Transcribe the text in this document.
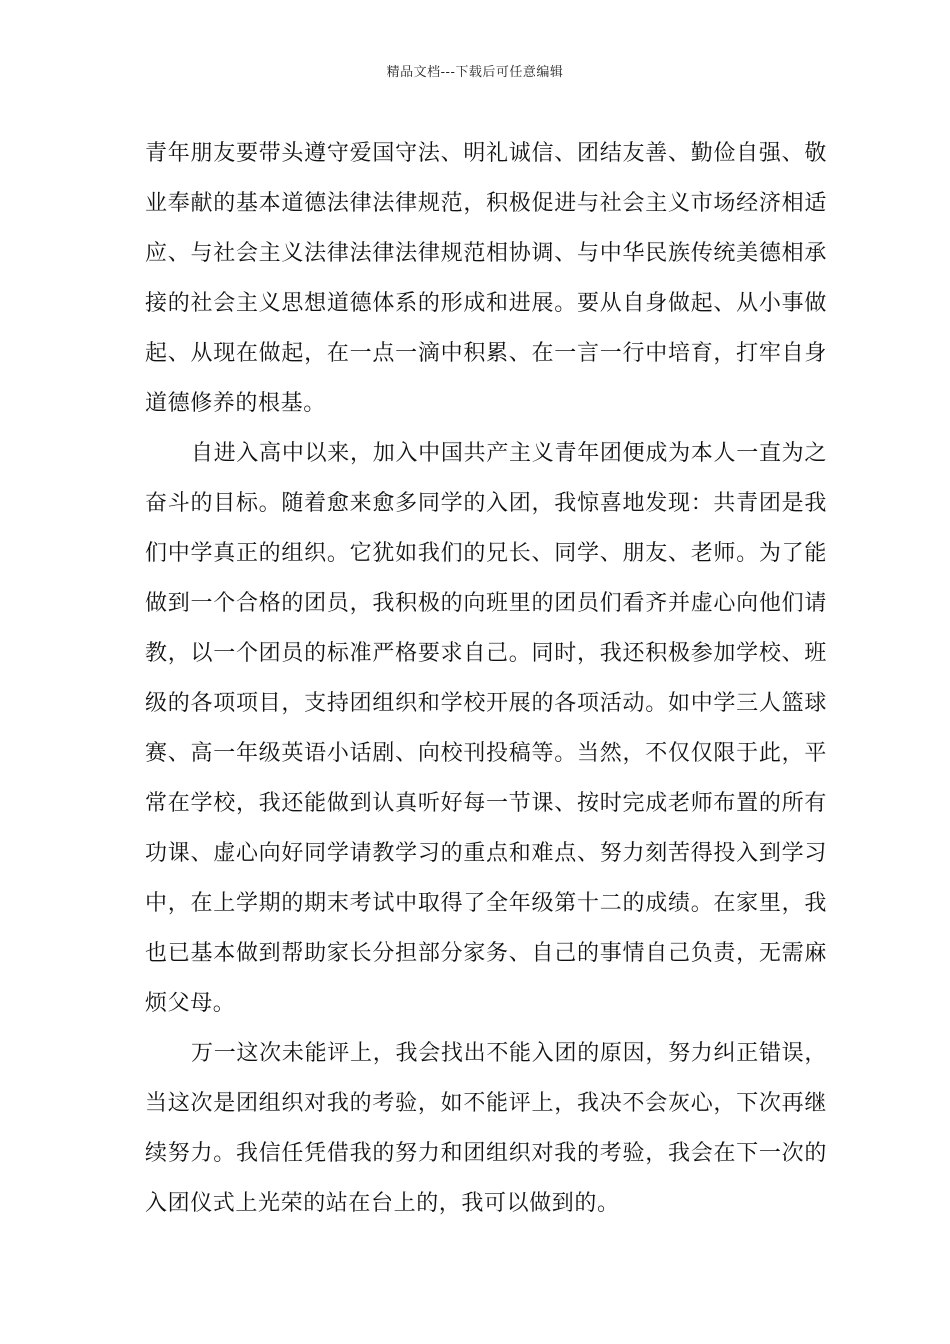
精品文档---下载后可任意编辑

青年朋友要带头遵守爱国守法、明礼诚信、团结友善、勤俭自强、敬业奉献的基本道德法律法律规范，积极促进与社会主义市场经济相适应、与社会主义法律法律法律规范相协调、与中华民族传统美德相承接的社会主义思想道德体系的形成和进展。要从自身做起、从小事做起、从现在做起，在一点一滴中积累、在一言一行中培育，打牢自身道德修养的根基。

自进入高中以来，加入中国共产主义青年团便成为本人一直为之奋斗的目标。随着愈来愈多同学的入团，我惊喜地发现：共青团是我们中学真正的组织。它犹如我们的兄长、同学、朋友、老师。为了能做到一个合格的团员，我积极的向班里的团员们看齐并虚心向他们请教，以一个团员的标准严格要求自己。同时，我还积极参加学校、班级的各项项目，支持团组织和学校开展的各项活动。如中学三人篮球赛、高一年级英语小话剧、向校刊投稿等。当然，不仅仅限于此，平常在学校，我还能做到认真听好每一节课、按时完成老师布置的所有功课、虚心向好同学请教学习的重点和难点、努力刻苦得投入到学习中，在上学期的期末考试中取得了全年级第十二的成绩。在家里，我也已基本做到帮助家长分担部分家务、自己的事情自己负责，无需麻烦父母。

万一这次未能评上，我会找出不能入团的原因，努力纠正错误，当这次是团组织对我的考验，如不能评上，我决不会灰心，下次再继续努力。我信任凭借我的努力和团组织对我的考验，我会在下一次的入团仪式上光荣的站在台上的，我可以做到的。
